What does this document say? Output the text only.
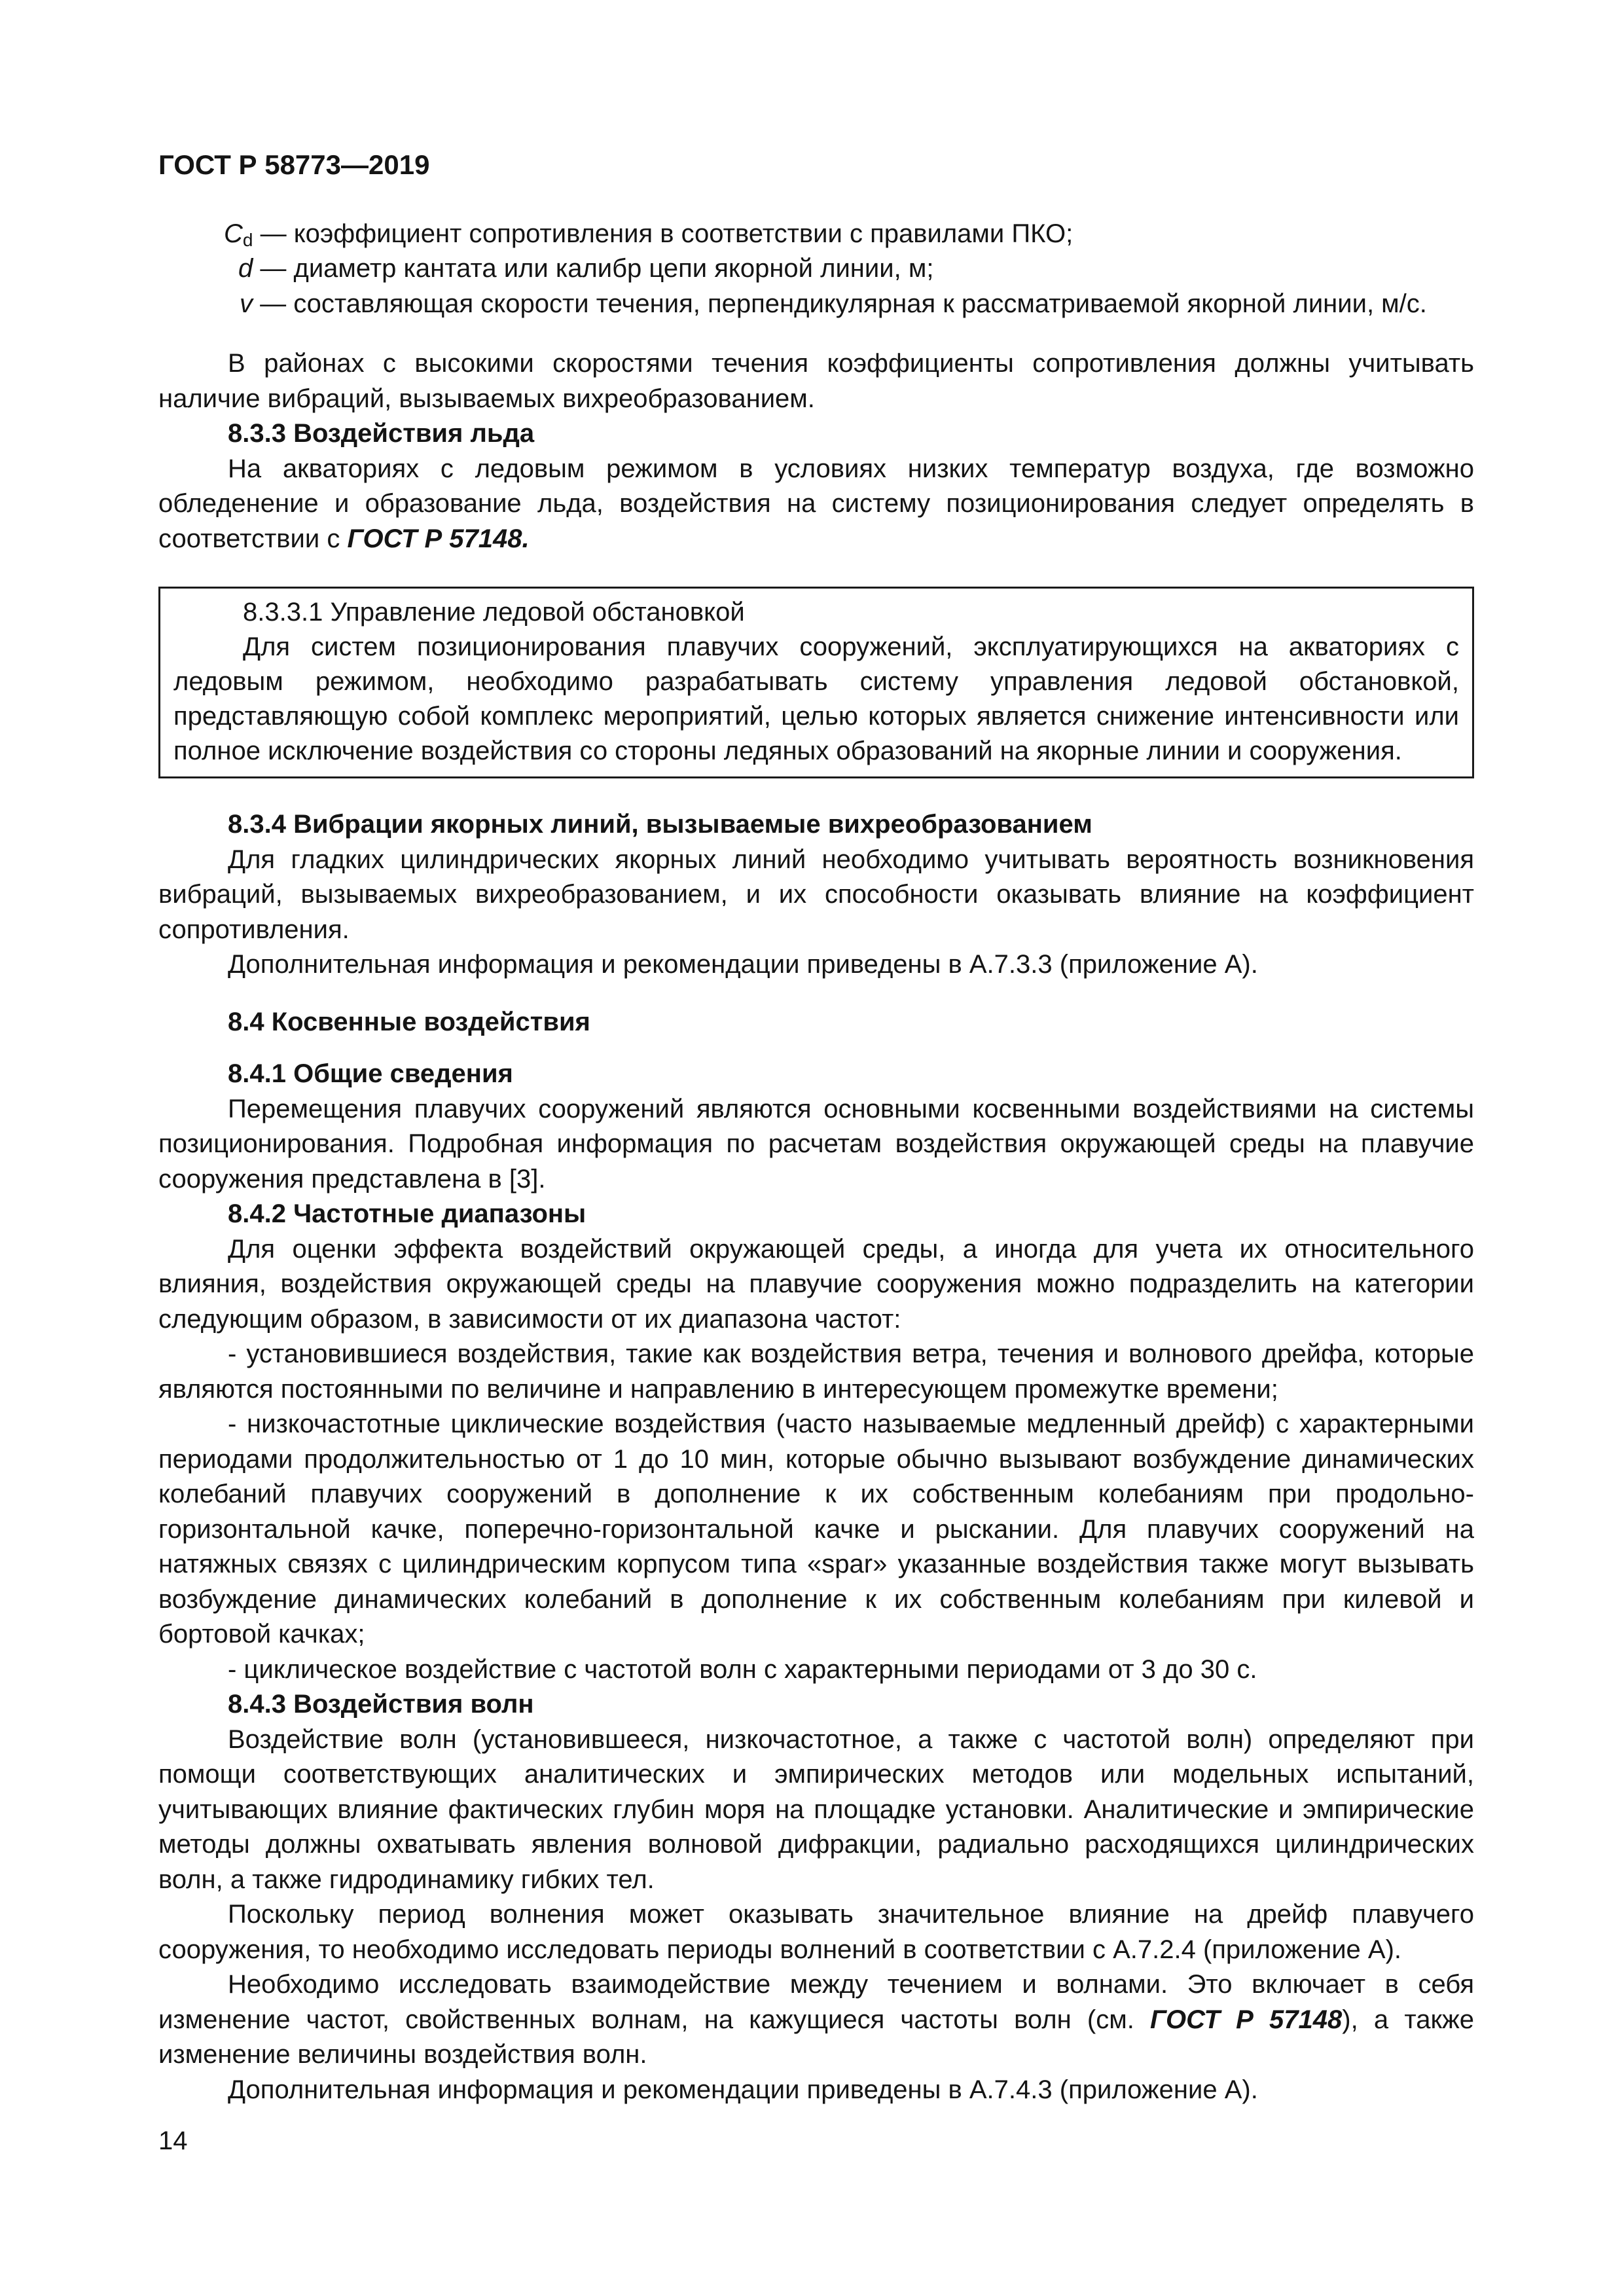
ГОСТ Р 58773—2019

$C_d$ — коэффициент сопротивления в соответствии с правилами ПКО;

d — диаметр кантата или калибр цепи якорной линии, м;

v — составляющая скорости течения, перпендикулярная к рассматриваемой якорной линии, м/с.

В районах с высокими скоростями течения коэффициенты сопротивления должны учитывать наличие вибраций, вызываемых вихреобразованием.

8.3.3 Воздействия льда

На акваториях с ледовым режимом в условиях низких температур воздуха, где возможно обледенение и образование льда, воздействия на систему позиционирования следует определять в соответствии с ГОСТ Р 57148.

8.3.3.1 Управление ледовой обстановкой

Для систем позиционирования плавучих сооружений, эксплуатирующихся на акваториях с ледовым режимом, необходимо разрабатывать систему управления ледовой обстановкой, представляющую собой комплекс мероприятий, целью которых является снижение интенсивности или полное исключение воздействия со стороны ледяных образований на якорные линии и сооружения.

8.3.4 Вибрации якорных линий, вызываемые вихреобразованием

Для гладких цилиндрических якорных линий необходимо учитывать вероятность возникновения вибраций, вызываемых вихреобразованием, и их способности оказывать влияние на коэффициент сопротивления.

Дополнительная информация и рекомендации приведены в А.7.3.3 (приложение А).

8.4 Косвенные воздействия

8.4.1 Общие сведения

Перемещения плавучих сооружений являются основными косвенными воздействиями на системы позиционирования. Подробная информация по расчетам воздействия окружающей среды на плавучие сооружения представлена в [3].

8.4.2 Частотные диапазоны

Для оценки эффекта воздействий окружающей среды, а иногда для учета их относительного влияния, воздействия окружающей среды на плавучие сооружения можно подразделить на категории следующим образом, в зависимости от их диапазона частот:

- установившиеся воздействия, такие как воздействия ветра, течения и волнового дрейфа, которые являются постоянными по величине и направлению в интересующем промежутке времени;

- низкочастотные циклические воздействия (часто называемые медленный дрейф) с характерными периодами продолжительностью от 1 до 10 мин, которые обычно вызывают возбуждение динамических колебаний плавучих сооружений в дополнение к их собственным колебаниям при продольно-горизонтальной качке, поперечно-горизонтальной качке и рыскании. Для плавучих сооружений на натяжных связях с цилиндрическим корпусом типа «spar» указанные воздействия также могут вызывать возбуждение динамических колебаний в дополнение к их собственным колебаниям при килевой и бортовой качках;

- циклическое воздействие с частотой волн с характерными периодами от 3 до 30 с.

8.4.3 Воздействия волн

Воздействие волн (установившееся, низкочастотное, а также с частотой волн) определяют при помощи соответствующих аналитических и эмпирических методов или модельных испытаний, учитывающих влияние фактических глубин моря на площадке установки. Аналитические и эмпирические методы должны охватывать явления волновой дифракции, радиально расходящихся цилиндрических волн, а также гидродинамику гибких тел.

Поскольку период волнения может оказывать значительное влияние на дрейф плавучего сооружения, то необходимо исследовать периоды волнений в соответствии с А.7.2.4 (приложение А).

Необходимо исследовать взаимодействие между течением и волнами. Это включает в себя изменение частот, свойственных волнам, на кажущиеся частоты волн (см. ГОСТ Р 57148), а также изменение величины воздействия волн.

Дополнительная информация и рекомендации приведены в А.7.4.3 (приложение А).

14
